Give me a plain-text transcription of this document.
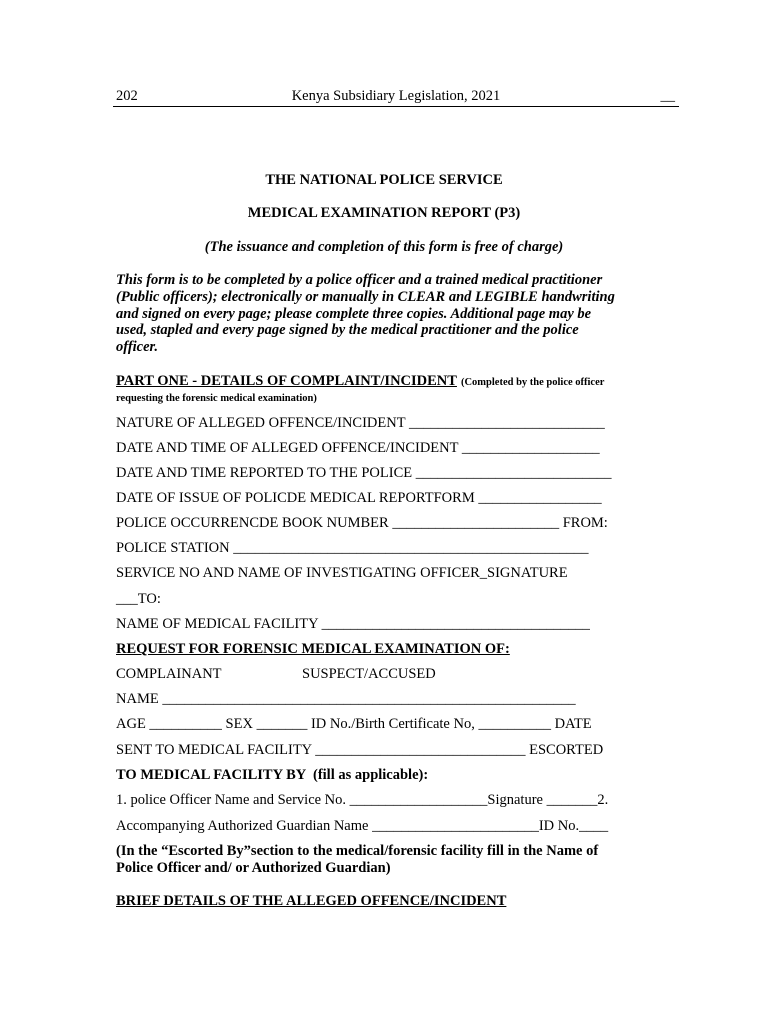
202	Kenya Subsidiary Legislation, 2021	__
THE NATIONAL POLICE SERVICE
MEDICAL EXAMINATION REPORT (P3)
(The issuance and completion of this form is free of charge)
This form is to be completed by a police officer and a trained medical practitioner
(Public officers); electronically or manually in CLEAR and LEGIBLE handwriting
and signed on every page; please complete three copies. Additional page may be
used, stapled and every page signed by the medical practitioner and the police
officer.
PART ONE - DETAILS OF COMPLAINT/INCIDENT (Completed by the police officer
requesting the forensic medical examination)
NATURE OF ALLEGED OFFENCE/INCIDENT ___________________________
DATE AND TIME OF ALLEGED OFFENCE/INCIDENT ___________________
DATE AND TIME REPORTED TO THE POLICE ___________________________
DATE OF ISSUE OF POLICDE MEDICAL REPORTFORM _________________
POLICE OCCURRENCDE BOOK NUMBER _______________________ FROM:
POLICE STATION _________________________________________________
SERVICE NO AND NAME OF INVESTIGATING OFFICER_SIGNATURE
___TO:
NAME OF MEDICAL FACILITY _____________________________________
REQUEST FOR FORENSIC MEDICAL EXAMINATION OF:
COMPLAINANT	SUSPECT/ACCUSED
NAME _________________________________________________________
AGE __________ SEX _______ ID No./Birth Certificate No, __________ DATE
SENT TO MEDICAL FACILITY _____________________________ ESCORTED
TO MEDICAL FACILITY BY  (fill as applicable):
1. police Officer Name and Service No. ___________________Signature _______2.
Accompanying Authorized Guardian Name _______________________ID No.____
(In the “Escorted By”section to the medical/forensic facility fill in the Name of
Police Officer and/ or Authorized Guardian)
BRIEF DETAILS OF THE ALLEGED OFFENCE/INCIDENT
